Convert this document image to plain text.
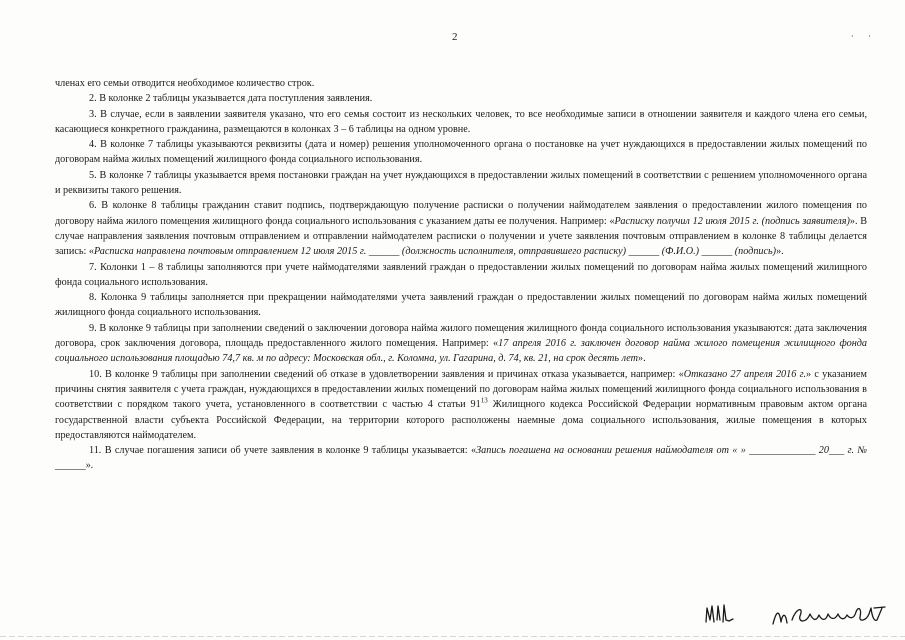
2	· ·

членах его семьи отводится необходимое количество строк.

2. В колонке 2 таблицы указывается дата поступления заявления.

3. В случае, если в заявлении заявителя указано, что его семья состоит из нескольких человек, то все необходимые записи в отношении заявителя и каждого члена его семьи, касающиеся конкретного гражданина, размещаются в колонках 3 – 6 таблицы на одном уровне.

4. В колонке 7 таблицы указываются реквизиты (дата и номер) решения уполномоченного органа о постановке на учет нуждающихся в предоставлении жилых помещений по договорам найма жилых помещений жилищного фонда социального использования.

5. В колонке 7 таблицы указывается время постановки граждан на учет нуждающихся в предоставлении жилых помещений в соответствии с решением уполномоченного органа и реквизиты такого решения.

6. В колонке 8 таблицы гражданин ставит подпись, подтверждающую получение расписки о получении наймодателем заявления о предоставлении жилого помещения по договору найма жилого помещения жилищного фонда социального использования с указанием даты ее получения. Например: «Расписку получил 12 июля 2015 г. (подпись заявителя)». В случае направления заявления почтовым отправлением и отправлении наймодателем расписки о получении и учете заявления почтовым отправлением в колонке 8 таблицы делается запись: «Расписка направлена почтовым отправлением 12 июля 2015 г. ______ (должность исполнителя, отправившего расписку) ______ (Ф.И.О.) ______ (подпись)».

7. Колонки 1 – 8 таблицы заполняются при учете наймодателями заявлений граждан о предоставлении жилых помещений по договорам найма жилых помещений жилищного фонда социального использования.

8. Колонка 9 таблицы заполняется при прекращении наймодателями учета заявлений граждан о предоставлении жилых помещений по договорам найма жилых помещений жилищного фонда социального использования.

9. В колонке 9 таблицы при заполнении сведений о заключении договора найма жилого помещения жилищного фонда социального использования указываются: дата заключения договора, срок заключения договора, площадь предоставленного жилого помещения. Например: «17 апреля 2016 г. заключен договор найма жилого помещения жилищного фонда социального использования площадью 74,7 кв. м по адресу: Московская обл., г. Коломна, ул. Гагарина, д. 74, кв. 21, на срок десять лет».

10. В колонке 9 таблицы при заполнении сведений об отказе в удовлетворении заявления и причинах отказа указывается, например: «Отказано 27 апреля 2016 г.» с указанием причины снятия заявителя с учета граждан, нуждающихся в предоставлении жилых помещений по договорам найма жилых помещений жилищного фонда социального использования в соответствии с порядком такого учета, установленного в соответствии с частью 4 статьи $91^{13}$ Жилищного кодекса Российской Федерации нормативным правовым актом органа государственной власти субъекта Российской Федерации, на территории которого расположены наемные дома социального использования, жилые помещения в которых предоставляются наймодателем.

11. В случае погашения записи об учете заявления в колонке 9 таблицы указывается: «Запись погашена на основании решения наймодателя от « » _____________ 20___ г. № ______».
